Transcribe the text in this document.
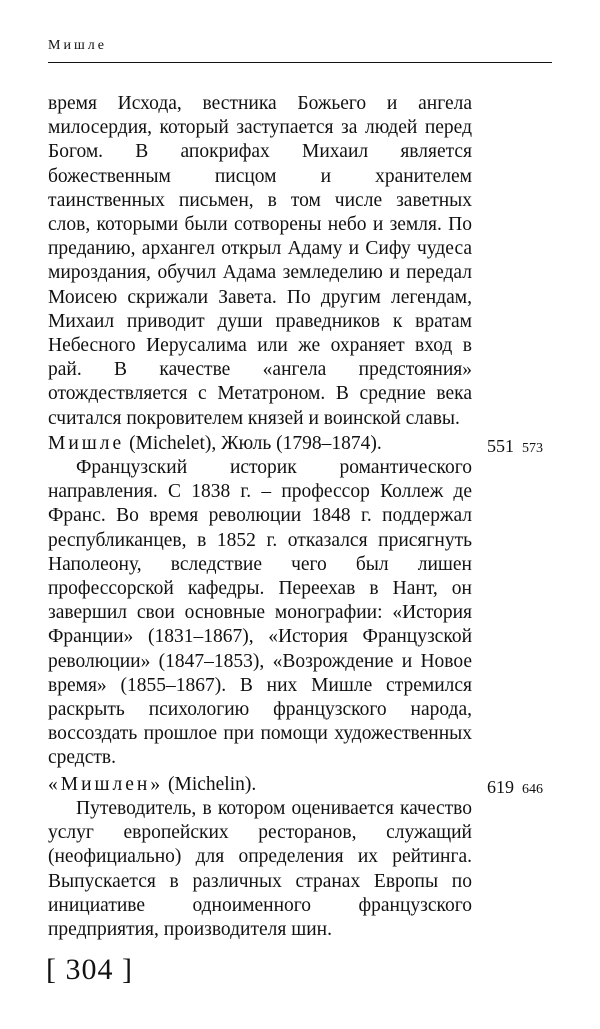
Мишле

время Исхода, вестника Божьего и ангела милосердия, который заступается за людей перед Богом. В апокрифах Михаил является божественным писцом и хранителем таинственных письмен, в том числе заветных слов, которыми были сотворены небо и земля. По преданию, архангел открыл Адаму и Сифу чудеса мироздания, обучил Адама земледелию и передал Моисею скрижали Завета. По другим легендам, Михаил приводит души праведников к вратам Небесного Иерусалима или же охраняет вход в рай. В качестве «ангела предстояния» отождествляется с Метатроном. В средние века считался покровителем князей и воинской славы.

Мишле (Michelet), Жюль (1798–1874).	551 573

Французский историк романтического направления. С 1838 г. – профессор Коллеж де Франс. Во время революции 1848 г. поддержал республиканцев, в 1852 г. отказался присягнуть Наполеону, вследствие чего был лишен профессорской кафедры. Переехав в Нант, он завершил свои основные монографии: «История Франции» (1831–1867), «История Французской революции» (1847–1853), «Возрождение и Новое время» (1855–1867). В них Мишле стремился раскрыть психологию французского народа, воссоздать прошлое при помощи художественных средств.

«Мишлен» (Michelin).	619 646

Путеводитель, в котором оценивается качество услуг европейских ресторанов, служащий (неофициально) для определения их рейтинга. Выпускается в различных странах Европы по инициативе одноименного французского предприятия, производителя шин.

[ 304 ]
